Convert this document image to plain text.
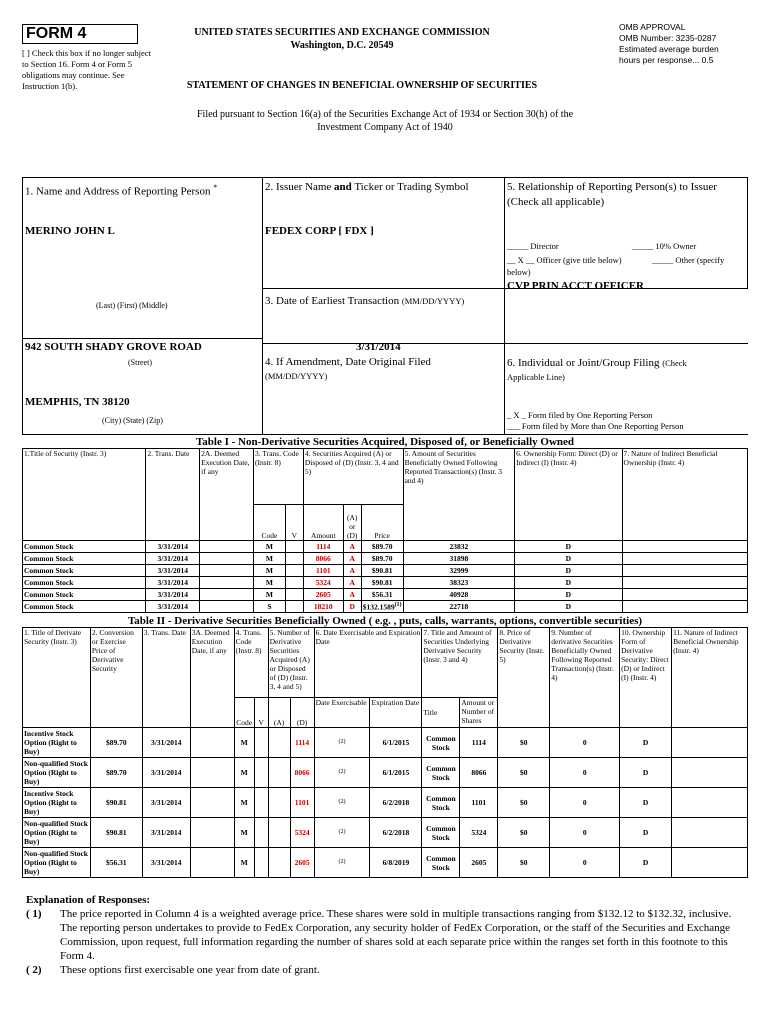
FORM 4
[ ] Check this box if no longer subject to Section 16. Form 4 or Form 5 obligations may continue. See Instruction 1(b).
UNITED STATES SECURITIES AND EXCHANGE COMMISSION
Washington, D.C. 20549
OMB APPROVAL
OMB Number: 3235-0287
Estimated average burden
hours per response... 0.5
STATEMENT OF CHANGES IN BENEFICIAL OWNERSHIP OF SECURITIES
Filed pursuant to Section 16(a) of the Securities Exchange Act of 1934 or Section 30(h) of the
Investment Company Act of 1940
1. Name and Address of Reporting Person *
MERINO JOHN L
(Last) (First) (Middle)
942 SOUTH SHADY GROVE ROAD
(Street)
MEMPHIS, TN 38120
(City) (State) (Zip)
2. Issuer Name and Ticker or Trading Symbol
FEDEX CORP [ FDX ]
3. Date of Earliest Transaction (MM/DD/YYYY)
3/31/2014
4. If Amendment, Date Original Filed
(MM/DD/YYYY)
5. Relationship of Reporting Person(s) to Issuer
(Check all applicable)
_____ Director	_____ 10% Owner
__ X __ Officer (give title below)	_____ Other (specify
below)
CVP PRIN ACCT OFFICER
6. Individual or Joint/Group Filing (Check
Applicable Line)
_ X _ Form filed by One Reporting Person
___ Form filed by More than One Reporting Person
Table I - Non-Derivative Securities Acquired, Disposed of, or Beneficially Owned
1.Title of Security (Instr. 3)	2. Trans. Date	2A. Deemed Execution Date, if any	3. Trans. Code (Instr. 8)		4. Securities Acquired (A) or Disposed of (D) (Instr. 3, 4 and 5)			5. Amount of Securities Beneficially Owned Following Reported Transaction(s) (Instr. 3 and 4)	6. Ownership Form: Direct (D) or Indirect (I) (Instr. 4)	7. Nature of Indirect Beneficial Ownership (Instr. 4)
			Code	V	Amount	(A) or (D)	Price			
Common Stock	3/31/2014		M		1114	A	$89.70	23832	D	
Common Stock	3/31/2014		M		8066	A	$89.70	31898	D	
Common Stock	3/31/2014		M		1101	A	$90.81	32999	D	
Common Stock	3/31/2014		M		5324	A	$90.81	38323	D	
Common Stock	3/31/2014		M		2605	A	$56.31	40928	D	
Common Stock	3/31/2014		S		18210	D	$132.1589$^{(1)}$	22718	D	
Table II - Derivative Securities Beneficially Owned ( e.g. , puts, calls, warrants, options, convertible securities)
1. Title of Derivate Security (Instr. 3)	2. Conversion or Exercise Price of Derivative Security	3. Trans. Date	3A. Deemed Execution Date, if any	4. Trans. Code (Instr. 8)		5. Number of Derivative Securities Acquired (A) or Disposed of (D) (Instr. 3, 4 and 5)		6. Date Exercisable and Expiration Date		7. Title and Amount of Securities Underlying Derivative Security (Instr. 3 and 4)		8. Price of Derivative Security (Instr. 5)	9. Number of derivative Securities Beneficially Owned Following Reported Transaction(s) (Instr. 4)	10. Ownership Form of Derivative Security: Direct (D) or Indirect (I) (Instr. 4)	11. Nature of Indirect Beneficial Ownership (Instr. 4)
				Code	V	(A)	(D)	Date Exercisable	Expiration Date	Title	Amount or Number of Shares				
Incentive Stock Option (Right to Buy)	$89.70	3/31/2014		M			1114	(2)	6/1/2015	Common Stock	1114	$0	0	D	
Non-qualified Stock Option (Right to Buy)	$89.70	3/31/2014		M			8066	(2)	6/1/2015	Common Stock	8066	$0	0	D	
Incentive Stock Option (Right to Buy)	$90.81	3/31/2014		M			1101	(2)	6/2/2018	Common Stock	1101	$0	0	D	
Non-qualified Stock Option (Right to Buy)	$90.81	3/31/2014		M			5324	(2)	6/2/2018	Common Stock	5324	$0	0	D	
Non-qualified Stock Option (Right to Buy)	$56.31	3/31/2014		M			2605	(2)	6/8/2019	Common Stock	2605	$0	0	D	
Explanation of Responses:
( 1)	The price reported in Column 4 is a weighted average price. These shares were sold in multiple transactions ranging from $132.12 to $132.32, inclusive. The reporting person undertakes to provide to FedEx Corporation, any security holder of FedEx Corporation, or the staff of the Securities and Exchange Commission, upon request, full information regarding the number of shares sold at each separate price within the ranges set forth in this footnote to this Form 4.
( 2)	These options first exercisable one year from date of grant.
